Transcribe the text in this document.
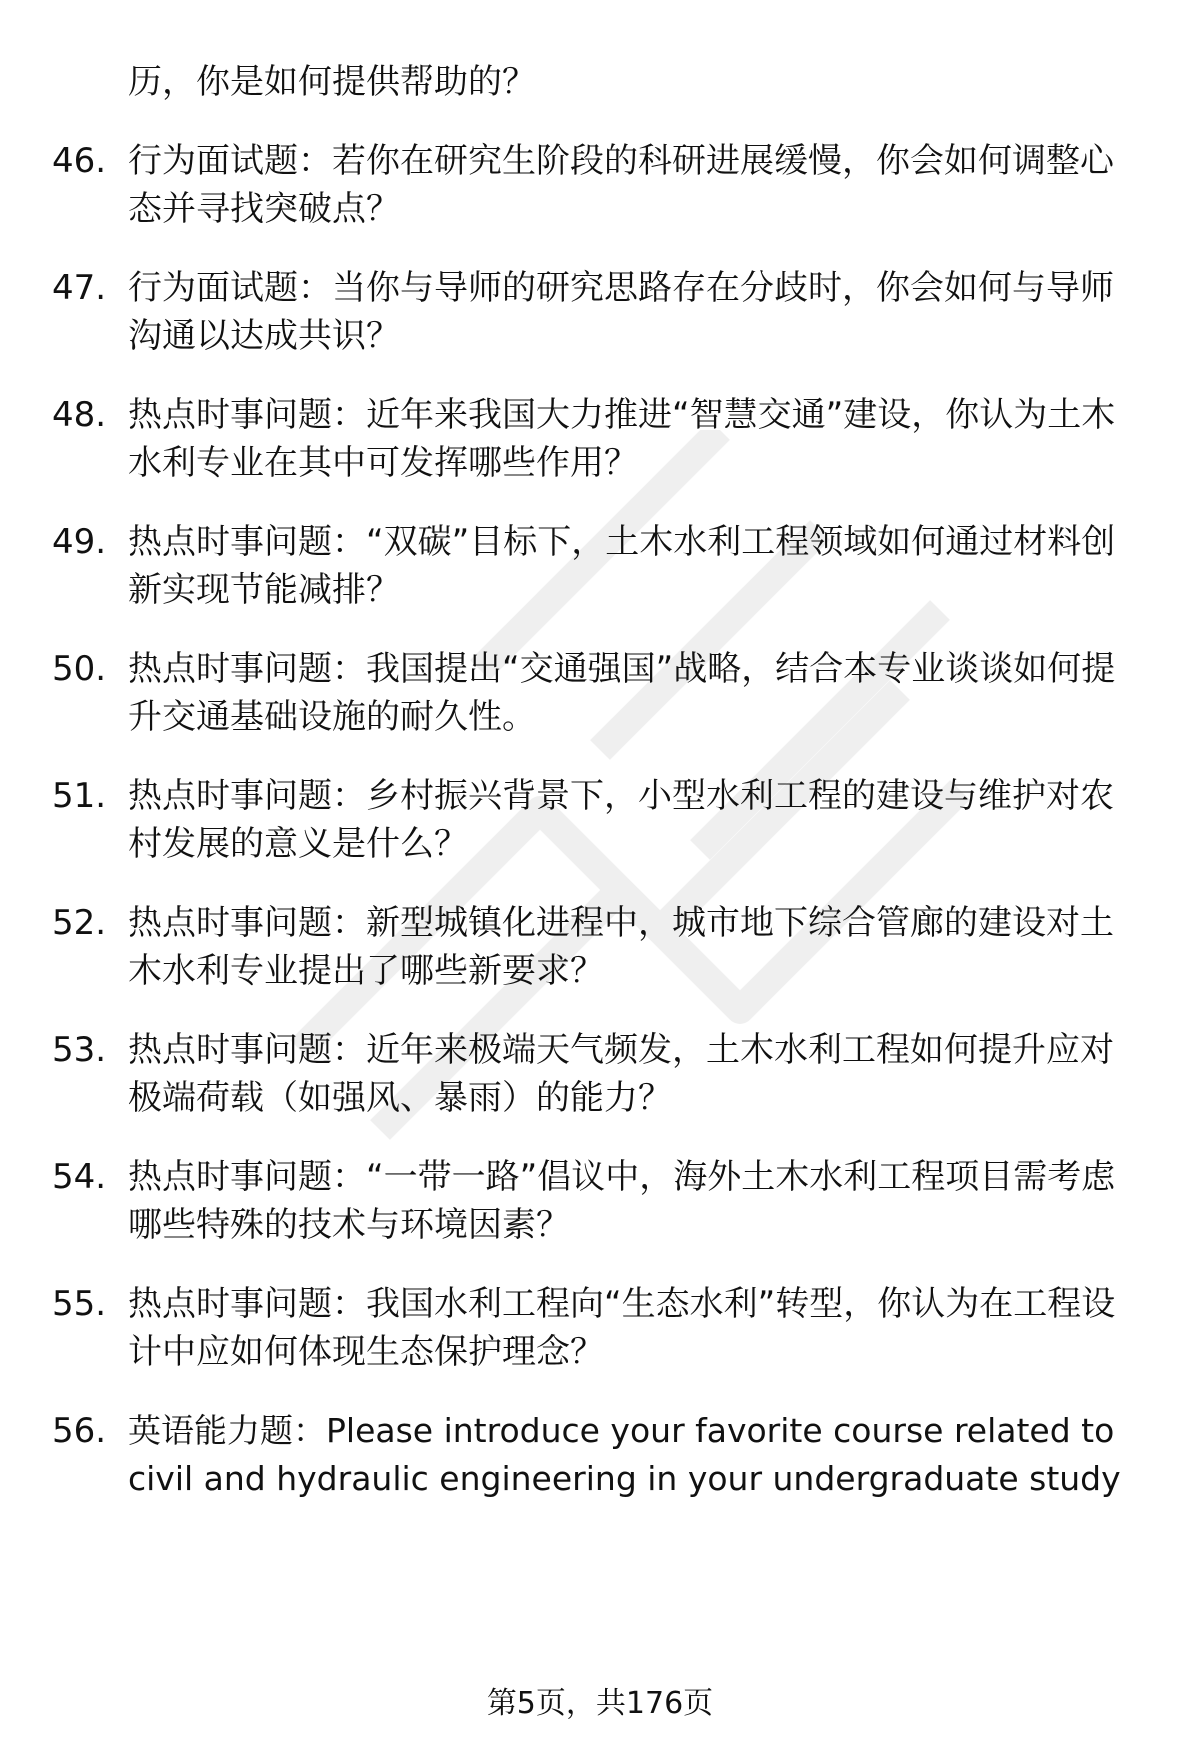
历，你是如何提供帮助的？
46. 行为面试题：若你在研究生阶段的科研进展缓慢，你会如何调整心态并寻找突破点？
47. 行为面试题：当你与导师的研究思路存在分歧时，你会如何与导师沟通以达成共识？
48. 热点时事问题：近年来我国大力推进“智慧交通”建设，你认为土木水利专业在其中可发挥哪些作用？
49. 热点时事问题：“双碳”目标下，土木水利工程领域如何通过材料创新实现节能减排？
50. 热点时事问题：我国提出“交通强国”战略，结合本专业谈谈如何提升交通基础设施的耐久性。
51. 热点时事问题：乡村振兴背景下，小型水利工程的建设与维护对农村发展的意义是什么？
52. 热点时事问题：新型城镇化进程中，城市地下综合管廊的建设对土木水利专业提出了哪些新要求？
53. 热点时事问题：近年来极端天气频发，土木水利工程如何提升应对极端荷载（如强风、暴雨）的能力？
54. 热点时事问题：“一带一路”倡议中，海外土木水利工程项目需考虑哪些特殊的技术与环境因素？
55. 热点时事问题：我国水利工程向“生态水利”转型，你认为在工程设计中应如何体现生态保护理念？
56. 英语能力题：Please introduce your favorite course related to civil and hydraulic engineering in your undergraduate study
第5页，共176页
